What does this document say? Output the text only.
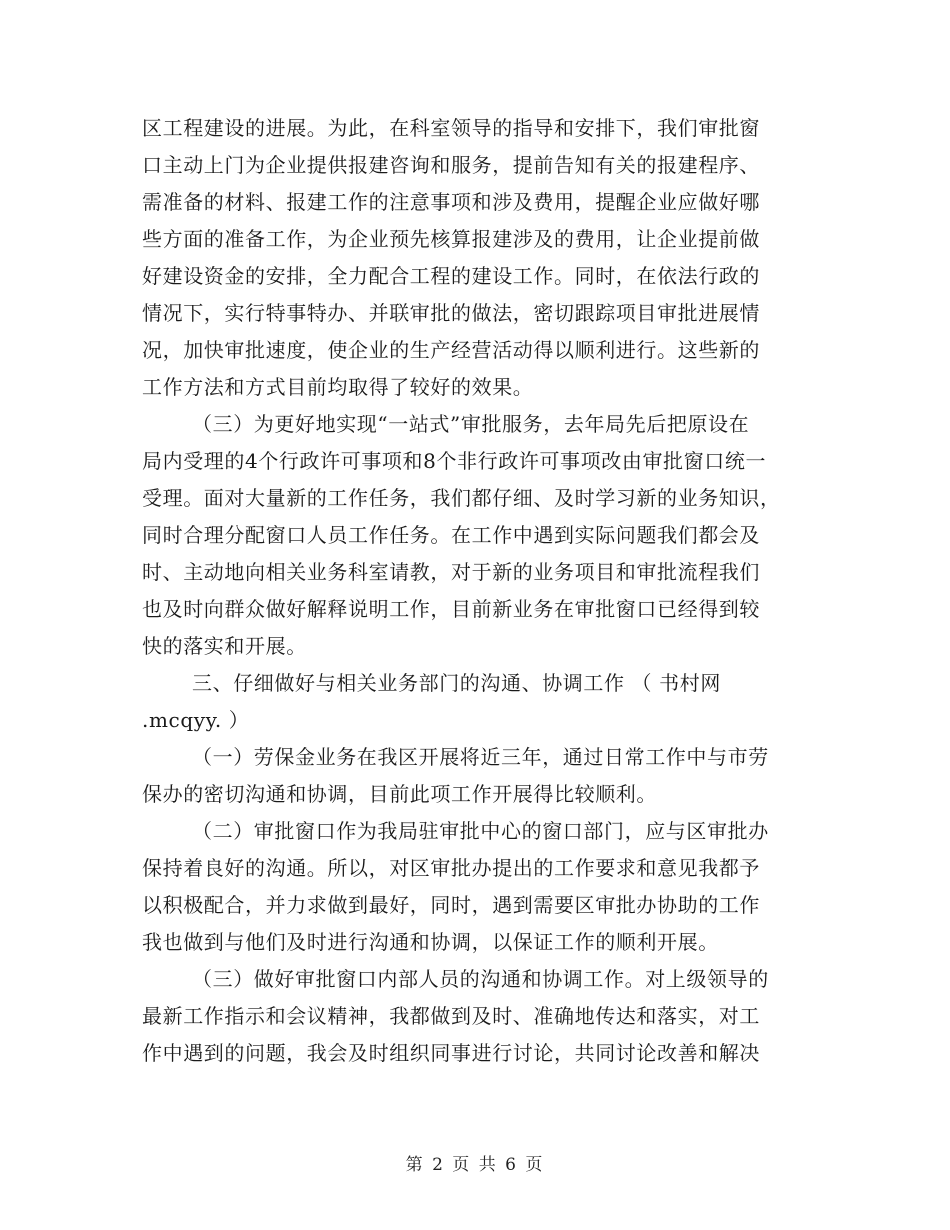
区工程建设的进展。为此，在科室领导的指导和安排下，我们审批窗
口主动上门为企业提供报建咨询和服务，提前告知有关的报建程序、
需准备的材料、报建工作的注意事项和涉及费用，提醒企业应做好哪
些方面的准备工作，为企业预先核算报建涉及的费用，让企业提前做
好建设资金的安排，全力配合工程的建设工作。同时，在依法行政的
情况下，实行特事特办、并联审批的做法，密切跟踪项目审批进展情
况，加快审批速度，使企业的生产经营活动得以顺利进行。这些新的
工作方法和方式目前均取得了较好的效果。
（三）为更好地实现“一站式”审批服务，去年局先后把原设在
局内受理的4个行政许可事项和8个非行政许可事项改由审批窗口统一
受理。面对大量新的工作任务，我们都仔细、及时学习新的业务知识，
同时合理分配窗口人员工作任务。在工作中遇到实际问题我们都会及
时、主动地向相关业务科室请教，对于新的业务项目和审批流程我们
也及时向群众做好解释说明工作，目前新业务在审批窗口已经得到较
快的落实和开展。
三、仔细做好与相关业务部门的沟通、协调工作 （ 书村网
.mcqyy. ）
（一）劳保金业务在我区开展将近三年，通过日常工作中与市劳
保办的密切沟通和协调，目前此项工作开展得比较顺利。
（二）审批窗口作为我局驻审批中心的窗口部门，应与区审批办
保持着良好的沟通。所以，对区审批办提出的工作要求和意见我都予
以积极配合，并力求做到最好，同时，遇到需要区审批办协助的工作
我也做到与他们及时进行沟通和协调，以保证工作的顺利开展。
（三）做好审批窗口内部人员的沟通和协调工作。对上级领导的
最新工作指示和会议精神，我都做到及时、准确地传达和落实，对工
作中遇到的问题，我会及时组织同事进行讨论，共同讨论改善和解决
第 2 页 共 6 页
